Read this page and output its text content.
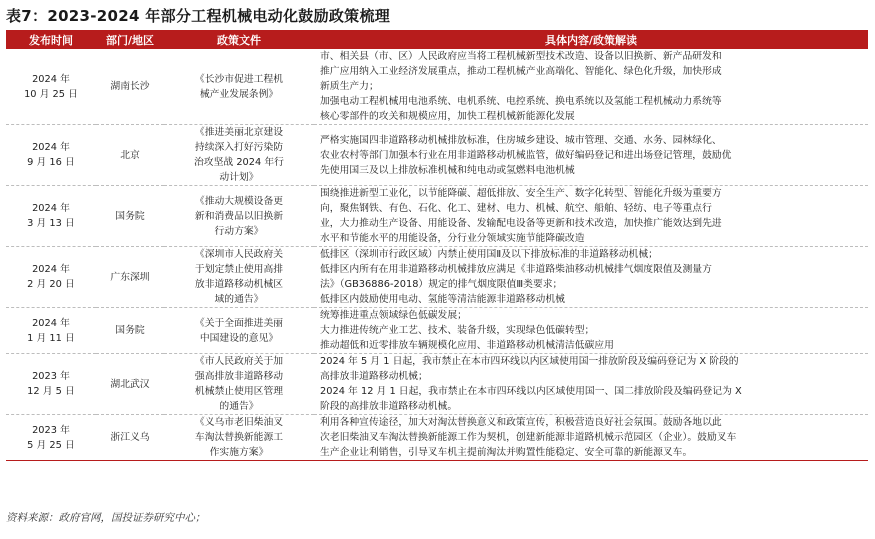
表7：2023-2024 年部分工程机械电动化鼓励政策梳理
发布时间	部门/地区	政策文件	具体内容/政策解读

2024 年
10 月 25 日	湖南长沙	《长沙市促进工程机
械产业发展条例》	市、相关县（市、区）人民政府应当将工程机械新型技术改造、设备以旧换新、新产品研发和
推广应用纳入工业经济发展重点，推动工程机械产业高端化、智能化、绿色化升级，加快形成
新质生产力；
加强电动工程机械用电池系统、电机系统、电控系统、换电系统以及氢能工程机械动力系统等
核心零部件的攻关和规模应用，加快工程机械新能源化发展

2024 年
9 月 16 日	北京	《推进美丽北京建设
持续深入打好污染防
治攻坚战 2024 年行
动计划》	严格实施国四非道路移动机械排放标准，住房城乡建设、城市管理、交通、水务、园林绿化、
农业农村等部门加强本行业在用非道路移动机械监管，做好编码登记和进出场登记管理，鼓励优
先使用国三及以上排放标准机械和纯电动或氢燃料电池机械

2024 年
3 月 13 日	国务院	《推动大规模设备更
新和消费品以旧换新
行动方案》	围绕推进新型工业化，以节能降碳、超低排放、安全生产、数字化转型、智能化升级为重要方
向，聚焦钢铁、有色、石化、化工、建材、电力、机械、航空、船舶、轻纺、电子等重点行
业，大力推动生产设备、用能设备、发输配电设备等更新和技术改造，加快推广能效达到先进
水平和节能水平的用能设备，分行业分领域实施节能降碳改造

2024 年
2 月 20 日	广东深圳	《深圳市人民政府关
于划定禁止使用高排
放非道路移动机械区
域的通告》	低排区（深圳市行政区域）内禁止使用国Ⅱ及以下排放标准的非道路移动机械；
低排区内所有在用非道路移动机械排放应满足《非道路柴油移动机械排气烟度限值及测量方
法》（GB36886-2018）规定的排气烟度限值Ⅲ类要求；
低排区内鼓励使用电动、氢能等清洁能源非道路移动机械

2024 年
1 月 11 日	国务院	《关于全面推进美丽
中国建设的意见》	统筹推进重点领域绿色低碳发展；
大力推进传统产业工艺、技术、装备升级，实现绿色低碳转型；
推动超低和近零排放车辆规模化应用、非道路移动机械清洁低碳应用

2023 年
12 月 5 日	湖北武汉	《市人民政府关于加
强高排放非道路移动
机械禁止使用区管理
的通告》	2024 年 5 月 1 日起，我市禁止在本市四环线以内区域使用国一排放阶段及编码登记为 X 阶段的
高排放非道路移动机械；
2024 年 12 月 1 日起，我市禁止在本市四环线以内区域使用国一、国二排放阶段及编码登记为 X
阶段的高排放非道路移动机械。

2023 年
5 月 25 日	浙江义乌	《义乌市老旧柴油叉
车淘汰替换新能源工
作实施方案》	利用各种宣传途径，加大对淘汰替换意义和政策宣传，积极营造良好社会氛围。鼓励各地以此
次老旧柴油叉车淘汰替换新能源工作为契机，创建新能源非道路机械示范园区（企业）。鼓励叉车
生产企业让利销售，引导叉车机主提前淘汰并购置性能稳定、安全可靠的新能源叉车。
资料来源：政府官网，国投证券研究中心；
